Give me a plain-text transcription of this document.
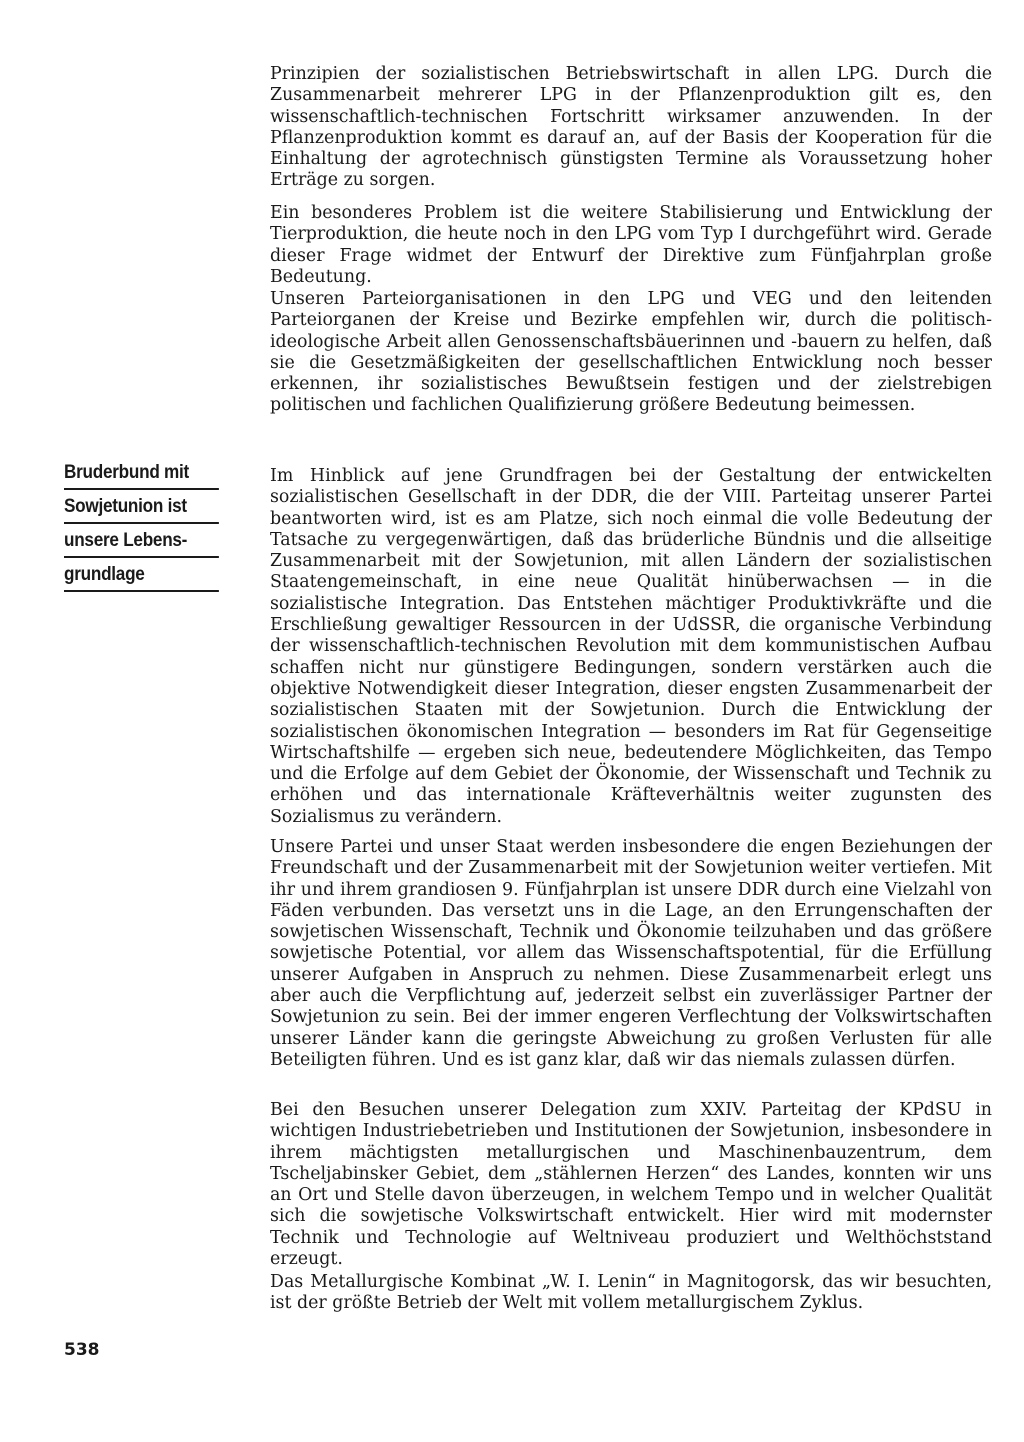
Bruderbund mit
Sowjetunion ist
unsere Lebens-
grundlage

Prinzipien der sozialistischen Betriebswirtschaft in allen LPG. Durch die Zusammenarbeit mehrerer LPG in der Pflanzenproduktion gilt es, den wissenschaftlich-technischen Fortschritt wirksamer anzuwenden. In der Pflanzenproduktion kommt es darauf an, auf der Basis der Kooperation für die Einhaltung der agrotechnisch günstigsten Termine als Voraussetzung hoher Erträge zu sorgen.

Ein besonderes Problem ist die weitere Stabilisierung und Entwicklung der Tierproduktion, die heute noch in den LPG vom Typ I durchgeführt wird. Gerade dieser Frage widmet der Entwurf der Direktive zum Fünfjahrplan große Bedeutung.

Unseren Parteiorganisationen in den LPG und VEG und den leitenden Parteiorganen der Kreise und Bezirke empfehlen wir, durch die politisch-ideologische Arbeit allen Genossenschaftsbäuerinnen und -bauern zu helfen, daß sie die Gesetzmäßigkeiten der gesellschaftlichen Entwicklung noch besser erkennen, ihr sozialistisches Bewußtsein festigen und der zielstrebigen politischen und fachlichen Qualifizierung größere Bedeutung beimessen.

Im Hinblick auf jene Grundfragen bei der Gestaltung der entwickelten sozialistischen Gesellschaft in der DDR, die der VIII. Parteitag unserer Partei beantworten wird, ist es am Platze, sich noch einmal die volle Bedeutung der Tatsache zu vergegenwärtigen, daß das brüderliche Bündnis und die allseitige Zusammenarbeit mit der Sowjetunion, mit allen Ländern der sozialistischen Staatengemeinschaft, in eine neue Qualität hinüberwachsen — in die sozialistische Integration. Das Entstehen mächtiger Produktivkräfte und die Erschließung gewaltiger Ressourcen in der UdSSR, die organische Verbindung der wissenschaftlich-technischen Revolution mit dem kommunistischen Aufbau schaffen nicht nur günstigere Bedingungen, sondern verstärken auch die objektive Notwendigkeit dieser Integration, dieser engsten Zusammenarbeit der sozialistischen Staaten mit der Sowjetunion. Durch die Entwicklung der sozialistischen ökonomischen Integration — besonders im Rat für Gegenseitige Wirtschaftshilfe — ergeben sich neue, bedeutendere Möglichkeiten, das Tempo und die Erfolge auf dem Gebiet der Ökonomie, der Wissenschaft und Technik zu erhöhen und das internationale Kräfteverhältnis weiter zugunsten des Sozialismus zu verändern.

Unsere Partei und unser Staat werden insbesondere die engen Beziehungen der Freundschaft und der Zusammenarbeit mit der Sowjetunion weiter vertiefen. Mit ihr und ihrem grandiosen 9. Fünfjahrplan ist unsere DDR durch eine Vielzahl von Fäden verbunden. Das versetzt uns in die Lage, an den Errungenschaften der sowjetischen Wissenschaft, Technik und Ökonomie teilzuhaben und das größere sowjetische Potential, vor allem das Wissenschaftspotential, für die Erfüllung unserer Aufgaben in Anspruch zu nehmen. Diese Zusammenarbeit erlegt uns aber auch die Verpflichtung auf, jederzeit selbst ein zuverlässiger Partner der Sowjetunion zu sein. Bei der immer engeren Verflechtung der Volkswirtschaften unserer Länder kann die geringste Abweichung zu großen Verlusten für alle Beteiligten führen. Und es ist ganz klar, daß wir das niemals zulassen dürfen.

Bei den Besuchen unserer Delegation zum XXIV. Parteitag der KPdSU in wichtigen Industriebetrieben und Institutionen der Sowjetunion, insbesondere in ihrem mächtigsten metallurgischen und Maschinenbauzentrum, dem Tscheljabinsker Gebiet, dem „stählernen Herzen“ des Landes, konnten wir uns an Ort und Stelle davon überzeugen, in welchem Tempo und in welcher Qualität sich die sowjetische Volkswirtschaft entwickelt. Hier wird mit modernster Technik und Technologie auf Weltniveau produziert und Welthöchststand erzeugt.

Das Metallurgische Kombinat „W. I. Lenin“ in Magnitogorsk, das wir besuchten, ist der größte Betrieb der Welt mit vollem metallurgischem Zyklus.

538
